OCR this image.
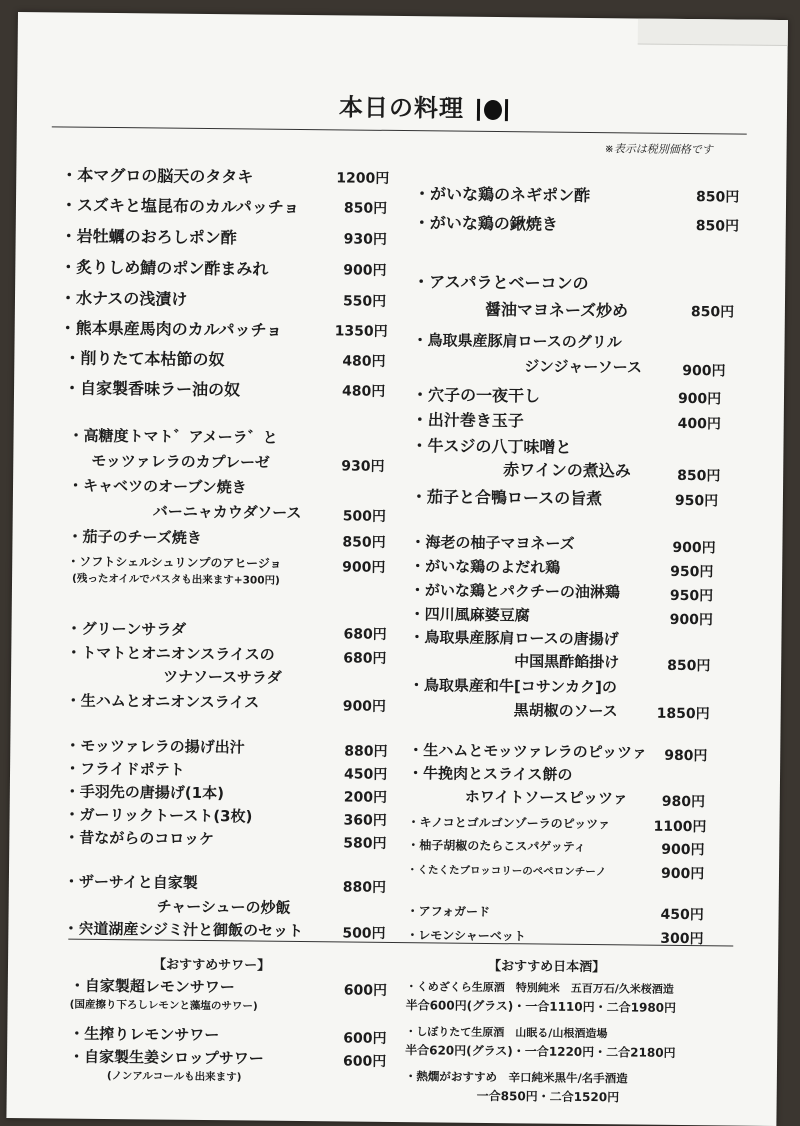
本日の料理
※表示は税別価格です
・本マグロの脳天のタタキ	1200円
・スズキと塩昆布のカルパッチョ	850円
・岩牡蠣のおろしポン酢	930円
・炙りしめ鯖のポン酢まみれ	900円
・水ナスの浅漬け	550円
・熊本県産馬肉のカルパッチョ	1350円
・削りたて本枯節の奴	480円
・自家製香味ラー油の奴	480円
・高糖度トマト゛アメーラ゛と
モッツァレラのカプレーゼ	930円
・キャベツのオーブン焼き
バーニャカウダソース	500円
・茄子のチーズ焼き	850円
・ソフトシェルシュリンプのアヒージョ
(残ったオイルでパスタも出来ます+300円)
900円
・グリーンサラダ	680円
・トマトとオニオンスライスの
ツナソースサラダ
680円
・生ハムとオニオンスライス	900円
・モッツァレラの揚げ出汁	880円
・フライドポテト	450円
・手羽先の唐揚げ(1本)	200円
・ガーリックトースト(3枚)	360円
・昔ながらのコロッケ	580円
・ザーサイと自家製
チャーシューの炒飯
880円
・宍道湖産シジミ汁と御飯のセット	500円
・がいな鶏のネギポン酢	850円
・がいな鶏の鍬焼き	850円
・アスパラとベーコンの
醤油マヨネーズ炒め	850円
・鳥取県産豚肩ロースのグリル
ジンジャーソース	900円
・穴子の一夜干し	900円
・出汁巻き玉子	400円
・牛スジの八丁味噌と
赤ワインの煮込み	850円
・茄子と合鴨ロースの旨煮	950円
・海老の柚子マヨネーズ	900円
・がいな鶏のよだれ鶏	950円
・がいな鶏とパクチーの油淋鶏	950円
・四川風麻婆豆腐	900円
・鳥取県産豚肩ロースの唐揚げ
中国黒酢餡掛け	850円
・鳥取県産和牛[コサンカク]の
黒胡椒のソース	1850円
・生ハムとモッツァレラのピッツァ 980円
・牛挽肉とスライス餅の
ホワイトソースピッツァ 980円
・キノコとゴルゴンゾーラのピッツァ	1100円
・柚子胡椒のたらこスパゲッティ	900円
・くたくたブロッコリーのペペロンチーノ	900円
・アフォガード	450円
・レモンシャーベット	300円
【おすすめサワー】
・自家製超レモンサワー
(国産擦り下ろしレモンと藻塩のサワー)
600円
・生搾りレモンサワー	600円
・自家製生姜シロップサワー
(ノンアルコールも出来ます)
600円
【おすすめ日本酒】
・くめざくら生原酒　特別純米　五百万石/久米桜酒造
半合600円(グラス)・一合1110円・二合1980円
・しぼりたて生原酒　山眠る/山根酒造場
半合620円(グラス)・一合1220円・二合2180円
・熱燗がおすすめ　辛口純米黒牛/名手酒造
一合850円・二合1520円
